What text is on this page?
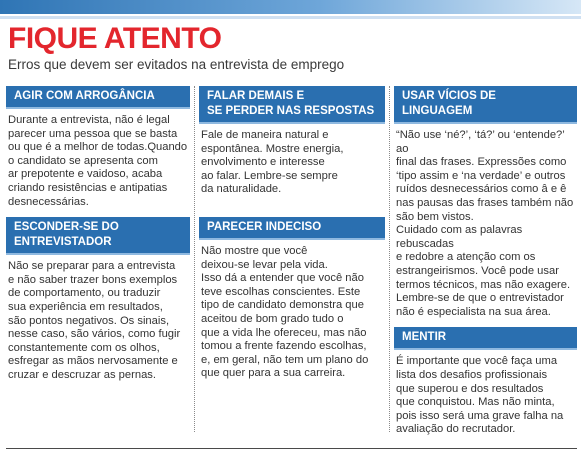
FIQUE ATENTO
Erros que devem ser evitados na entrevista de emprego
AGIR COM ARROGÂNCIA
Durante a entrevista, não é legal
parecer uma pessoa que se basta
ou que é a melhor de todas.Quando
o candidato se apresenta com
ar prepotente e vaidoso, acaba
criando resistências e antipatias
desnecessárias.
ESCONDER-SE DO
ENTREVISTADOR
Não se preparar para a entrevista
e não saber trazer bons exemplos
de comportamento, ou traduzir
sua experiência em resultados,
são pontos negativos. Os sinais,
nesse caso, são vários, como fugir
constantemente com os olhos,
esfregar as mãos nervosamente e
cruzar e descruzar as pernas.
FALAR DEMAIS E
SE PERDER NAS RESPOSTAS
Fale de maneira natural e
espontânea. Mostre energia,
envolvimento e interesse
ao falar. Lembre-se sempre
da naturalidade.
PARECER INDECISO
Não mostre que você
deixou-se levar pela vida.
Isso dá a entender que você não
teve escolhas conscientes. Este
tipo de candidato demonstra que
aceitou de bom grado tudo o
que a vida lhe ofereceu, mas não
tomou a frente fazendo escolhas,
e, em geral, não tem um plano do
que quer para a sua carreira.
USAR VÍCIOS DE LINGUAGEM
“Não use ‘né?’, ‘tá?’ ou ‘entende?’ ao
final das frases. Expressões como
‘tipo assim e ‘na verdade’ e outros
ruídos desnecessários como â e ê
nas pausas das frases também não
são bem vistos.
Cuidado com as palavras rebuscadas
e redobre a atenção com os
estrangeirismos. Você pode usar
termos técnicos, mas não exagere.
Lembre-se de que o entrevistador
não é especialista na sua área.
MENTIR
É importante que você faça uma
lista dos desafios profissionais
que superou e dos resultados
que conquistou. Mas não minta,
pois isso será uma grave falha na
avaliação do recrutador.
